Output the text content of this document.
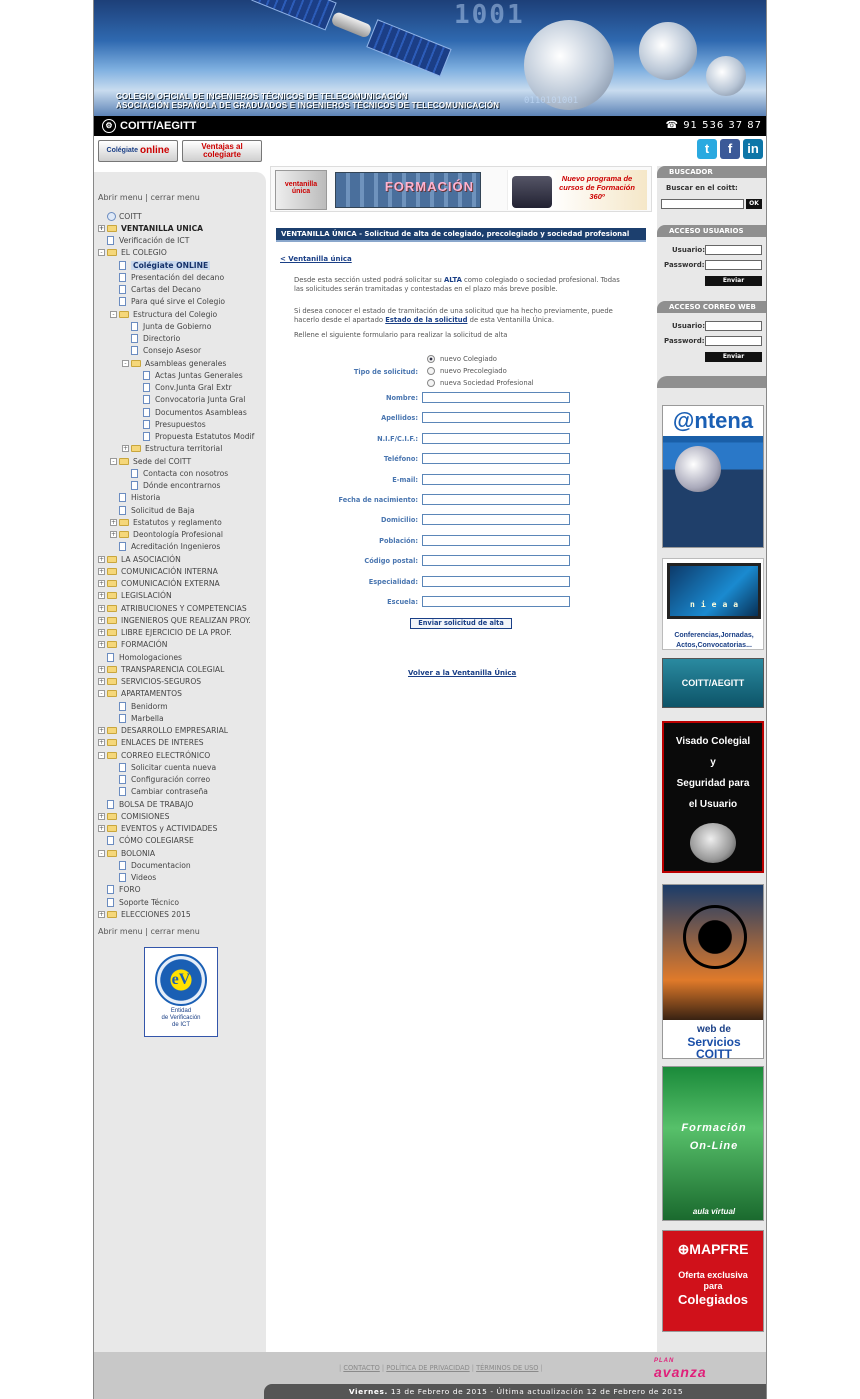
1001
0110101001
COLEGIO OFICIAL DE INGENIEROS TÉCNICOS DE TELECOMUNICACIÓN
ASOCIACIÓN ESPAÑOLA DE GRADUADOS E INGENIEROS TÉCNICOS DE TELECOMUNICACIÓN
⚙ COITT/AEGITT	☎ 91 536 37 87
Colégiate online	Ventajas al colegiarte	t	f	in
Abrir menu | cerrar menu
COITT
+ VENTANILLA UNICA
Verificación de ICT
-	EL COLEGIO
Colégiate ONLINE
Presentación del decano
Cartas del Decano
Para qué sirve el Colegio
-	Estructura del Colegio
Junta de Gobierno
Directorio
Consejo Asesor
-	Asambleas generales
Actas Juntas Generales
Conv.Junta Gral Extr
Convocatoria Junta Gral
Documentos Asambleas
Presupuestos
Propuesta Estatutos Modif
+ Estructura territorial
-	Sede del COITT
Contacta con nosotros
Dónde encontrarnos
Historia
Solicitud de Baja
+ Estatutos y reglamento
+ Deontología Profesional
Acreditación Ingenieros
+ LA ASOCIACIÓN
+ COMUNICACIÓN INTERNA
+ COMUNICACIÓN EXTERNA
+ LEGISLACIÓN
+ ATRIBUCIONES Y COMPETENCIAS
+ INGENIEROS QUE REALIZAN PROY.
+ LIBRE EJERCICIO DE LA PROF.
+ FORMACIÓN
Homologaciones
+ TRANSPARENCIA COLEGIAL
+ SERVICIOS-SEGUROS
-	APARTAMENTOS
Benidorm
Marbella
+ DESARROLLO EMPRESARIAL
+ ENLACES DE INTERES
-	CORREO ELECTRÓNICO
Solicitar cuenta nueva
Configuración correo
Cambiar contraseña
BOLSA DE TRABAJO
+ COMISIONES
+ EVENTOS y ACTIVIDADES
CÓMO COLEGIARSE
-	BOLONIA
Documentacion
Videos
FORO
Soporte Técnico
+ ELECCIONES 2015
Abrir menu | cerrar menu
eV
Entidad
de Verificación
de ICT
ventanilla única	FORMACIÓN
Nuevo programa de cursos de Formación 360º
VENTANILLA ÚNICA - Solicitud de alta de colegiado, precolegiado y sociedad profesional
< Ventanilla única
Desde esta sección usted podrá solicitar su ALTA como colegiado o sociedad profesional. Todas las solicitudes serán tramitadas y contestadas en el plazo más breve posible.
Si desea conocer el estado de tramitación de una solicitud que ha hecho previamente, puede hacerlo desde el apartado Estado de la solicitud de esta Ventanilla Única.
Rellene el siguiente formulario para realizar la solicitud de alta
Tipo de solicitud:
nuevo Colegiado
nuevo Precolegiado
nueva Sociedad Profesional
Nombre:
Apellidos:
N.I.F/C.I.F.:
Teléfono:
E-mail:
Fecha de nacimiento:
Domicilio:
Población:
Código postal:
Especialidad:
Escuela:
Enviar solicitud de alta
Volver a la Ventanilla Única
BUSCADOR
Buscar en el coitt:
OK
ACCESO USUARIOS
Usuario:
Password:
Enviar
ACCESO CORREO WEB
Usuario:
Password:
Enviar
@ntena
nieaa
Conferencias,Jornadas, Actos,Convocatorias...
COITT/AEGITT
Visado Colegial
y
Seguridad para
el Usuario
web de
Servicios
COITT
Formación
On-Line
aula virtual
⊕MAPFRE
Oferta exclusiva
para
Colegiados
| CONTACTO | POLÍTICA DE PRIVACIDAD | TÉRMINOS DE USO |
PLAN
avanza
Viernes. 13 de Febrero de 2015 - Última actualización 12 de Febrero de 2015
